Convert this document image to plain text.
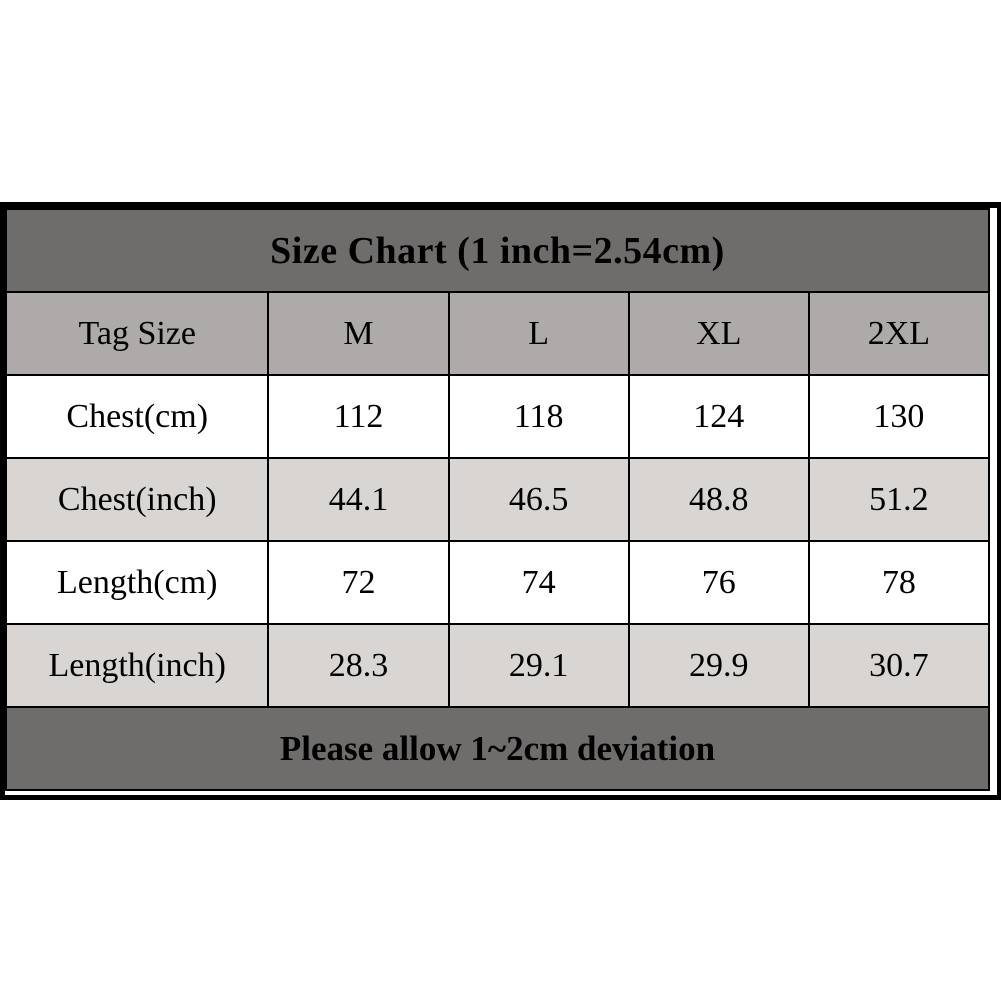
Size Chart (1 inch=2.54cm)				
Tag Size	M	L	XL	2XL
Chest(cm)	112	118	124	130
Chest(inch)	44.1	46.5	48.8	51.2
Length(cm)	72	74	76	78
Length(inch)	28.3	29.1	29.9	30.7
Please allow 1~2cm deviation				
